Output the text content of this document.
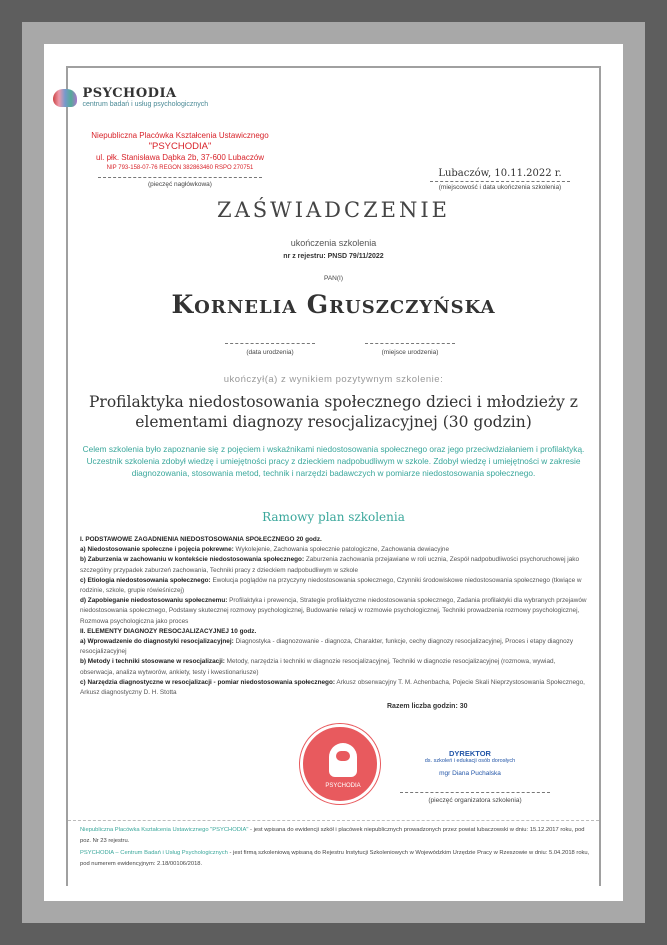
PSYCHODIA
centrum badań i usług psychologicznych
Niepubliczna Placówka Kształcenia Ustawicznego
"PSYCHODIA"
ul. płk. Stanisława Dąbka 2b, 37-600 Lubaczów
NIP 793-158-07-76 REGON 382863460 RSPO 270751
(pieczęć nagłówkowa)
Lubaczów, 10.11.2022 r.
(miejscowość i data ukończenia szkolenia)
ZAŚWIADCZENIE
ukończenia szkolenia
nr z rejestru: PNSD 79/11/2022
PAN(I)
Kornelia Gruszczyńska
(data urodzenia)	(miejsce urodzenia)
ukończył(a) z wynikiem pozytywnym szkolenie:
Profilaktyka niedostosowania społecznego dzieci i młodzieży z elementami diagnozy resocjalizacyjnej (30 godzin)
Celem szkolenia było zapoznanie się z pojęciem i wskaźnikami niedostosowania społecznego oraz jego przeciwdziałaniem i profilaktyką. Uczestnik szkolenia zdobył wiedzę i umiejętności pracy z dzieckiem nadpobudliwym w szkole. Zdobył wiedzę i umiejętności w zakresie diagnozowania, stosowania metod, technik i narzędzi badawczych w pomiarze niedostosowania społecznego.
Ramowy plan szkolenia
I. PODSTAWOWE ZAGADNIENIA NIEDOSTOSOWANIA SPOŁECZNEGO 20 godz.
a) Niedostosowanie społeczne i pojęcia pokrewne: Wykolejenie, Zachowania społecznie patologiczne, Zachowania dewiacyjne
b) Zaburzenia w zachowaniu w kontekście niedostosowania społecznego: Zaburzenia zachowania przejawiane w roli ucznia, Zespół nadpobudliwości psychoruchowej jako szczególny przypadek zaburzeń zachowania, Techniki pracy z dzieckiem nadpobudliwym w szkole
c) Etiologia niedostosowania społecznego: Ewolucja poglądów na przyczyny niedostosowania społecznego, Czynniki środowiskowe niedostosowania społecznego (tkwiące w rodzinie, szkole, grupie rówieśniczej)
d) Zapobieganie niedostosowaniu społecznemu: Profilaktyka i prewencja, Strategie profilaktyczne niedostosowania społecznego, Zadania profilaktyki dla wybranych przejawów niedostosowania społecznego, Podstawy skutecznej rozmowy psychologicznej, Budowanie relacji w rozmowie psychologicznej, Techniki prowadzenia rozmowy psychologicznej, Rozmowa psychologiczna jako proces
II. ELEMENTY DIAGNOZY RESOCJALIZACYJNEJ 10 godz.
a) Wprowadzenie do diagnostyki resocjalizacyjnej: Diagnostyka - diagnozowanie - diagnoza, Charakter, funkcje, cechy diagnozy resocjalizacyjnej, Proces i etapy diagnozy resocjalizacyjnej
b) Metody i techniki stosowane w resocjalizacji: Metody, narzędzia i techniki w diagnozie resocjalizacyjnej, Techniki w diagnozie resocjalizacyjnej (rozmowa, wywiad, obserwacja, analiza wytworów, ankiety, testy i kwestionariusze)
c) Narzędzia diagnostyczne w resocjalizacji - pomiar niedostosowania społecznego: Arkusz obserwacyjny T. M. Achenbacha, Pojecie Skali Nieprzystosowania Społecznego, Arkusz diagnostyczny D. H. Stotta
Razem liczba godzin: 30
PSYCHODIA
DYREKTOR
ds. szkoleń i edukacji osób dorosłych
mgr Diana Puchalska
(pieczęć organizatora szkolenia)
Niepubliczna Placówka Kształcenia Ustawicznego "PSYCHODIA" - jest wpisana do ewidencji szkół i placówek niepublicznych prowadzonych przez powiat lubaczowski w dniu: 15.12.2017 roku, pod poz. Nr 23 rejestru.
PSYCHODIA – Centrum Badań i Usług Psychologicznych - jest firmą szkoleniową wpisaną do Rejestru Instytucji Szkoleniowych w Wojewódzkim Urzędzie Pracy w Rzeszowie w dniu: 5.04.2018 roku, pod numerem ewidencyjnym: 2.18/00106/2018.
